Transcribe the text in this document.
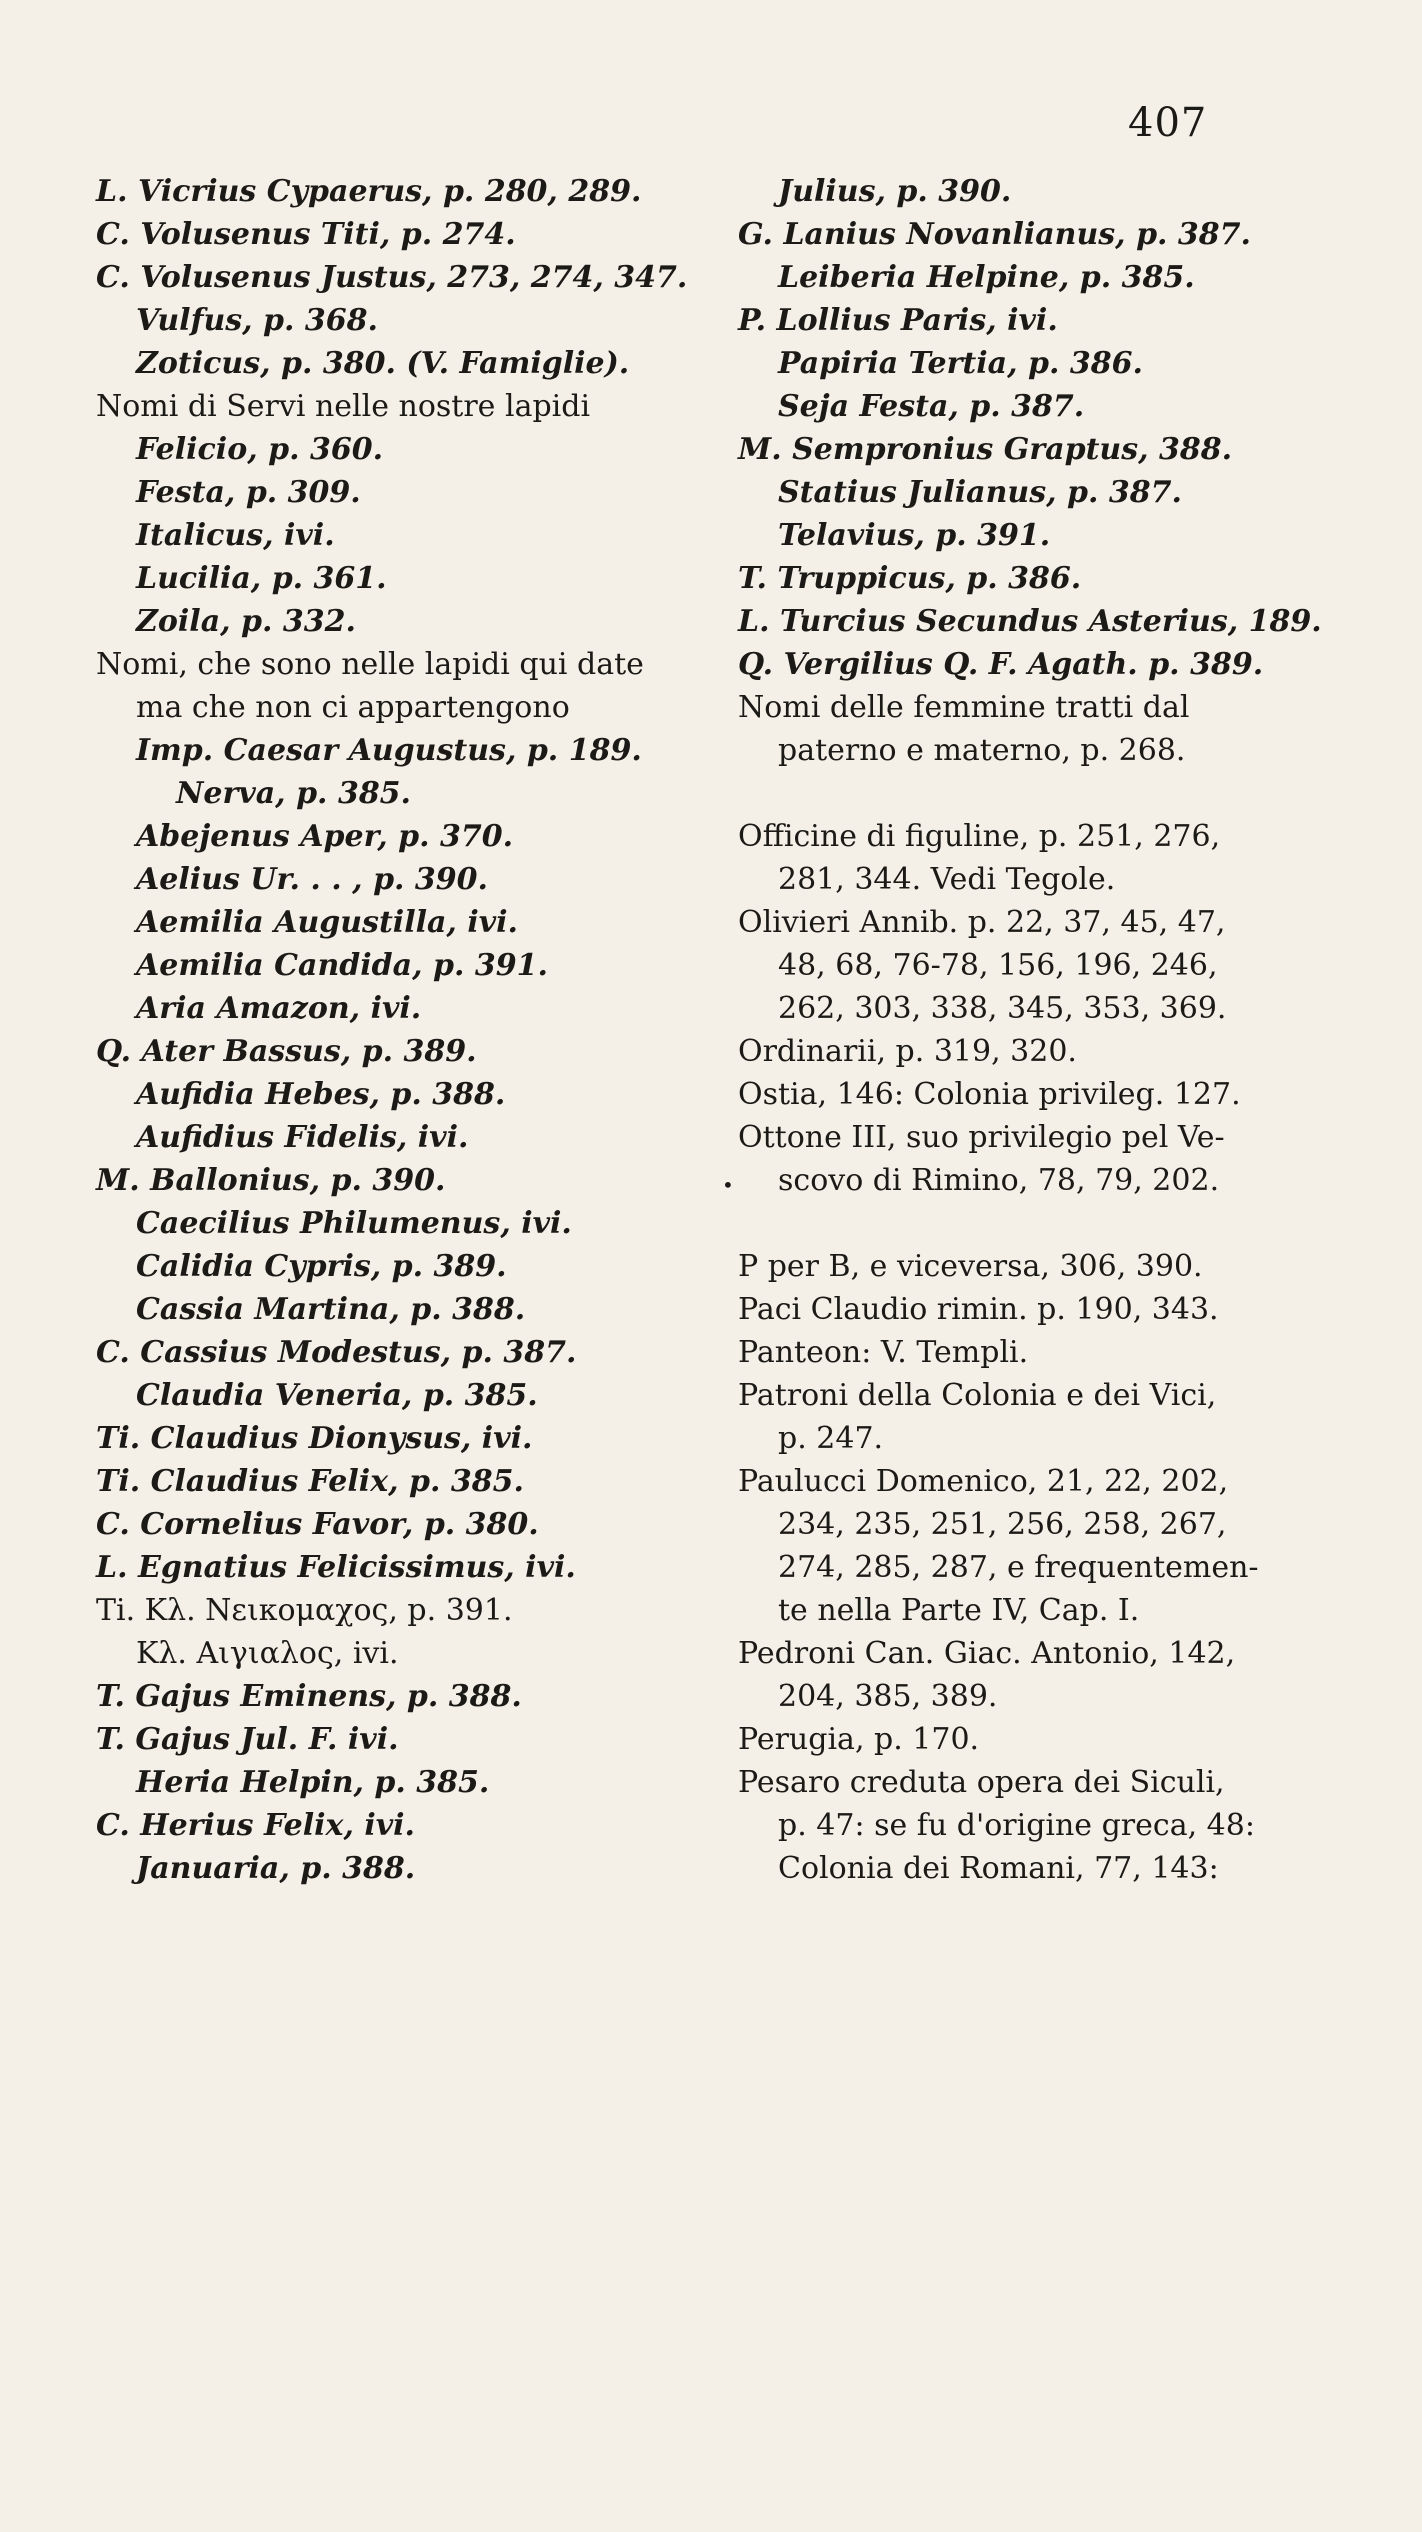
407
•
L. Vicrius Cypaerus, p. 280, 289.
C. Volusenus Titi, p. 274.
C. Volusenus Justus, 273, 274, 347.
Vulfus, p. 368.
Zoticus, p. 380. (V. Famiglie).
Nomi di Servi nelle nostre lapidi
Felicio, p. 360.
Festa, p. 309.
Italicus, ivi.
Lucilia, p. 361.
Zoila, p. 332.
Nomi, che sono nelle lapidi qui date
ma che non ci appartengono
Imp. Caesar Augustus, p. 189.
Nerva, p. 385.
Abejenus Aper, p. 370.
Aelius Ur. . . , p. 390.
Aemilia Augustilla, ivi.
Aemilia Candida, p. 391.
Aria Amazon, ivi.
Q. Ater Bassus, p. 389.
Aufidia Hebes, p. 388.
Aufidius Fidelis, ivi.
M. Ballonius, p. 390.
Caecilius Philumenus, ivi.
Calidia Cypris, p. 389.
Cassia Martina, p. 388.
C. Cassius Modestus, p. 387.
Claudia Veneria, p. 385.
Ti. Claudius Dionysus, ivi.
Ti. Claudius Felix, p. 385.
C. Cornelius Favor, p. 380.
L. Egnatius Felicissimus, ivi.
Ti. Κλ. Νεικομαχος, p. 391.
Κλ. Αιγιαλος, ivi.
T. Gajus Eminens, p. 388.
T. Gajus Jul. F. ivi.
Heria Helpin, p. 385.
C. Herius Felix, ivi.
Januaria, p. 388.
Julius, p. 390.
G. Lanius Novanlianus, p. 387.
Leiberia Helpine, p. 385.
P. Lollius Paris, ivi.
Papiria Tertia, p. 386.
Seja Festa, p. 387.
M. Sempronius Graptus, 388.
Statius Julianus, p. 387.
Telavius, p. 391.
T. Truppicus, p. 386.
L. Turcius Secundus Asterius, 189.
Q. Vergilius Q. F. Agath. p. 389.
Nomi delle femmine tratti dal
paterno e materno, p. 268.
Officine di figuline, p. 251, 276,
281, 344. Vedi Tegole.
Olivieri Annib. p. 22, 37, 45, 47,
48, 68, 76-78, 156, 196, 246,
262, 303, 338, 345, 353, 369.
Ordinarii, p. 319, 320.
Ostia, 146: Colonia privileg. 127.
Ottone III, suo privilegio pel Ve-
scovo di Rimino, 78, 79, 202.
P per B, e viceversa, 306, 390.
Paci Claudio rimin. p. 190, 343.
Panteon: V. Templi.
Patroni della Colonia e dei Vici,
p. 247.
Paulucci Domenico, 21, 22, 202,
234, 235, 251, 256, 258, 267,
274, 285, 287, e frequentemen-
te nella Parte IV, Cap. I.
Pedroni Can. Giac. Antonio, 142,
204, 385, 389.
Perugia, p. 170.
Pesaro creduta opera dei Siculi,
p. 47: se fu d'origine greca, 48:
Colonia dei Romani, 77, 143:
